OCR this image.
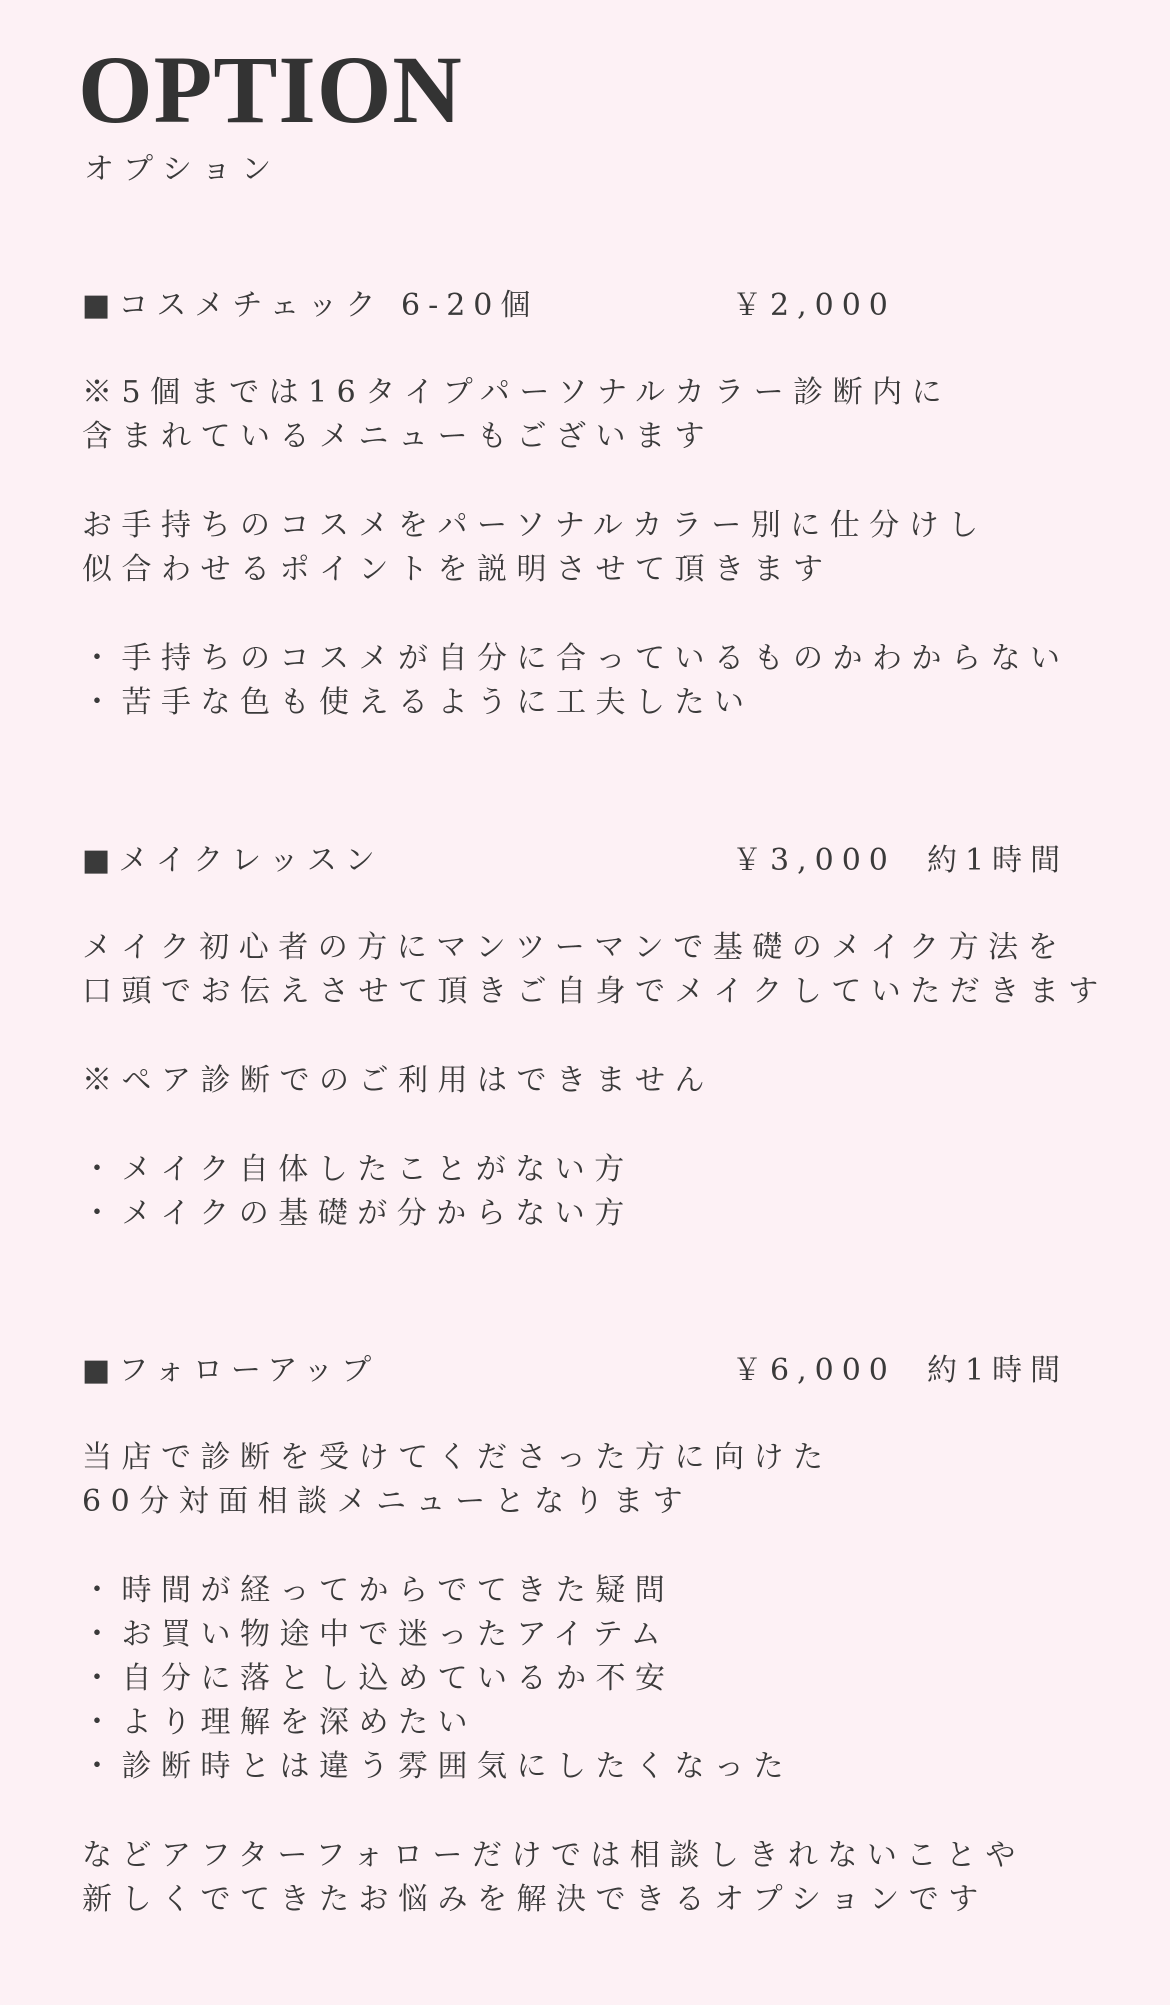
OPTION
オプション
■コスメチェック 6-20個	￥2,000
※5個までは16タイプパーソナルカラー診断内に
含まれているメニューもございます
お手持ちのコスメをパーソナルカラー別に仕分けし
似合わせるポイントを説明させて頂きます
・手持ちのコスメが自分に合っているものかわからない
・苦手な色も使えるように工夫したい
■メイクレッスン	￥3,000 約1時間
メイク初心者の方にマンツーマンで基礎のメイク方法を
口頭でお伝えさせて頂きご自身でメイクしていただきます
※ペア診断でのご利用はできません
・メイク自体したことがない方
・メイクの基礎が分からない方
■フォローアップ	￥6,000 約1時間
当店で診断を受けてくださった方に向けた
60分対面相談メニューとなります
・時間が経ってからでてきた疑問
・お買い物途中で迷ったアイテム
・自分に落とし込めているか不安
・より理解を深めたい
・診断時とは違う雰囲気にしたくなった
などアフターフォローだけでは相談しきれないことや
新しくでてきたお悩みを解決できるオプションです
